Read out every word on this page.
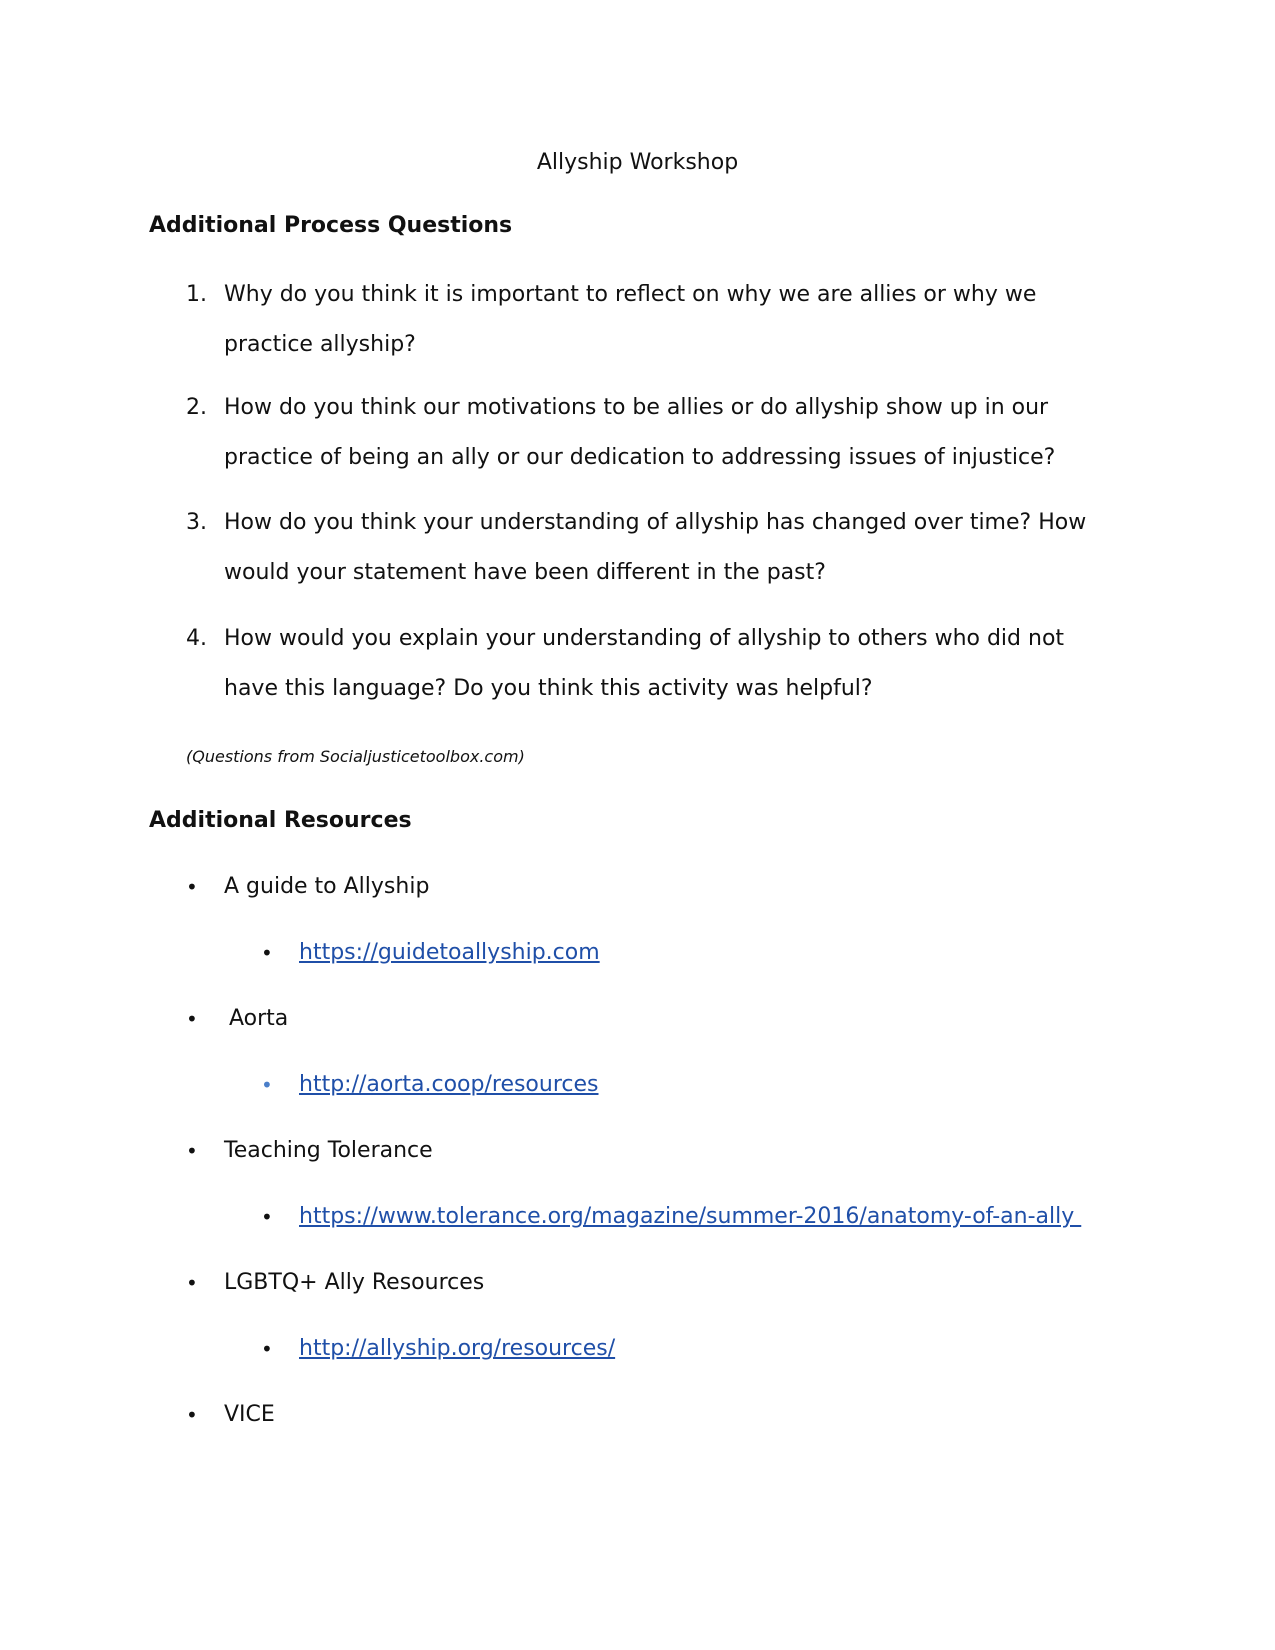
Allyship Workshop
Additional Process Questions
1. Why do you think it is important to reflect on why we are allies or why we practice allyship?
2. How do you think our motivations to be allies or do allyship show up in our practice of being an ally or our dedication to addressing issues of injustice?
3. How do you think your understanding of allyship has changed over time? How would your statement have been different in the past?
4. How would you explain your understanding of allyship to others who did not have this language? Do you think this activity was helpful?
(Questions from Socialjusticetoolbox.com)
Additional Resources
• A guide to Allyship
• https://guidetoallyship.com
• Aorta
• http://aorta.coop/resources
• Teaching Tolerance
• https://www.tolerance.org/magazine/summer-2016/anatomy-of-an-ally
• LGBTQ+ Ally Resources
• http://allyship.org/resources/
• VICE
